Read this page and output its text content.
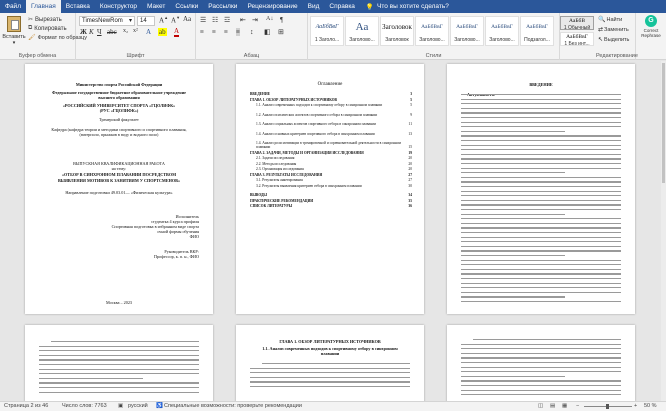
Файл	Главная	Вставка	Конструктор	Макет	Ссылки	Рассылки	Рецензирование	Вид	Справка	💡 Что вы хотите сделать?
Вставить
▾
✂ Вырезать
⧉ Копировать
🖌 Формат по образцу
Буфер обмена
TimesNewRom ▾	14	A▲ A▼ Aa
Ж К Ч abc x₂ x² A ab A
Шрифт
☰ ☷ ☲ ⇤ ⇥ A↓ ¶
≡ ≡ ≡ ≡ ↕ ◧ ⊞
Абзац
АаБбВвГ
1 Заголо...
Aa
Заголово...
Заголовок
Заголовок
АаБбВвГ
Заголово...
АаБбВвГ
Заголово...
АаБбВвГ
Заголово...
АаБбВвГ
Подзагол...
Стили
АаБбВ
1 Обычный
АаБбВвГ
1 Без инт...
🔍 Найти
⇄ Заменить
↖ Выделить
Редактирование
G
Correct Rephrase
Министерство спорта Российской Федерации
Федеральное государственное бюджетное образовательное учреждение
высшего образования
«РОССИЙСКИЙ УНИВЕРСИТЕТ СПОРТА «ГЦОЛИФК»
(РУС «ГЦОЛИФК»)
Тренерский факультет
Кафедра (кафедра теории и методики спортивного и спортивного плавания,
(ватерполо, прыжков в воду и водного поло)
ВЫПУСКНАЯ КВАЛИФИКАЦИОННАЯ РАБОТА
на тему:
«ОТБОР В СИНХРОННОМ ПЛАВАНИИ ПОСРЕДСТВОМ
ВЫЯВЛЕНИЯ МОТИВОВ К ЗАНЯТИЯМ У СПОРТСМЕНОВ»
Направление подготовки 49.03.01— «Физическая культура»
Исполнитель
студентка 4 курса профиля
Спортивная подготовка в избранном виде спорта
очной формы обучения
ФИО
Руководитель ВКР:
Профессор, к. п. н., ФИО
Москва – 2023
Оглавление
ВВЕДЕНИЕ	3
ГЛАВА 1. ОБЗОР ЛИТЕРАТУРНЫХ ИСТОЧНИКОВ	5
1.1. Анализ современных подходов к спортивному отбору в синхронном плавании	5
1.2. Анализ психических аспектов спортивного отбора в синхронном плавании	9
1.3. Анализ социальных аспектов спортивного отбора в синхронном плавании	11
1.4. Анализ основных критериев спортивного отбора в синхронном плавании	13
1.4. Анализ роли мотивации в тренировочной и соревновательной деятельности в синхронном плавании	15
ГЛАВА 2. ЗАДАЧИ, МЕТОДЫ И ОРГАНИЗАЦИЯ ИССЛЕДОВАНИЯ	19
2.1. Задачи исследования	20
2.2. Методы исследования	20
2.3. Организация исследования	20
ГЛАВА 3. РЕЗУЛЬТАТЫ ИССЛЕДОВАНИЯ	27
3.1. Результаты анкетирования	27
3.2. Результаты выявления критериев отбора в синхронном плавании	30
ВЫВОДЫ	34
ПРАКТИЧЕСКИЕ РЕКОМЕНДАЦИИ	35
СПИСОК ЛИТЕРАТУРЫ	36
ВВЕДЕНИЕ
ГЛАВА 1. ОБЗОР ЛИТЕРАТУРНЫХ ИСТОЧНИКОВ
1.1. Анализ современных подходов к спортивному отбору в синхронном
плавании
Страница 2 из 46 Число слов: 7763 ▣ русский ♿ Специальные возможности: проверьте рекомендации	◫ ▤ ▦ −	+ 50 %
